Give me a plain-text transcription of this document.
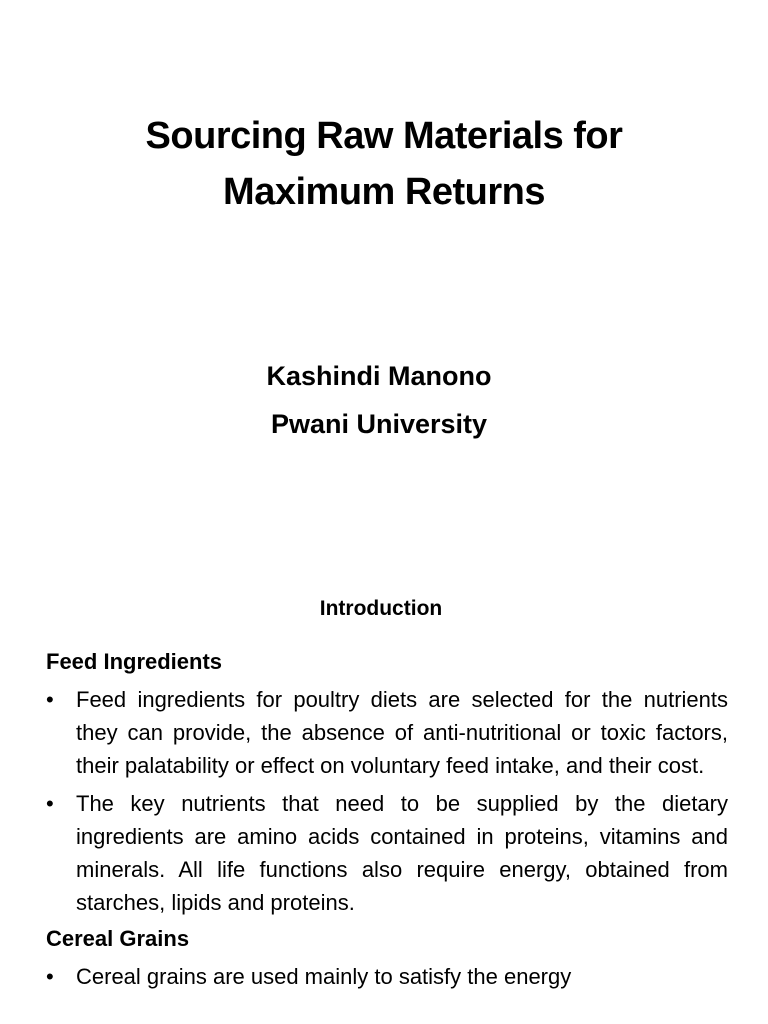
Sourcing Raw Materials for
Maximum Returns
Kashindi Manono
Pwani University
Introduction

Feed Ingredients

• Feed ingredients for poultry diets are selected for the nutrients they can provide, the absence of anti-nutritional or toxic factors, their palatability or effect on voluntary feed intake, and their cost.
• The key nutrients that need to be supplied by the dietary ingredients are amino acids contained in proteins, vitamins and minerals. All life functions also require energy, obtained from starches, lipids and proteins.

Cereal Grains

• Cereal grains are used mainly to satisfy the energy
